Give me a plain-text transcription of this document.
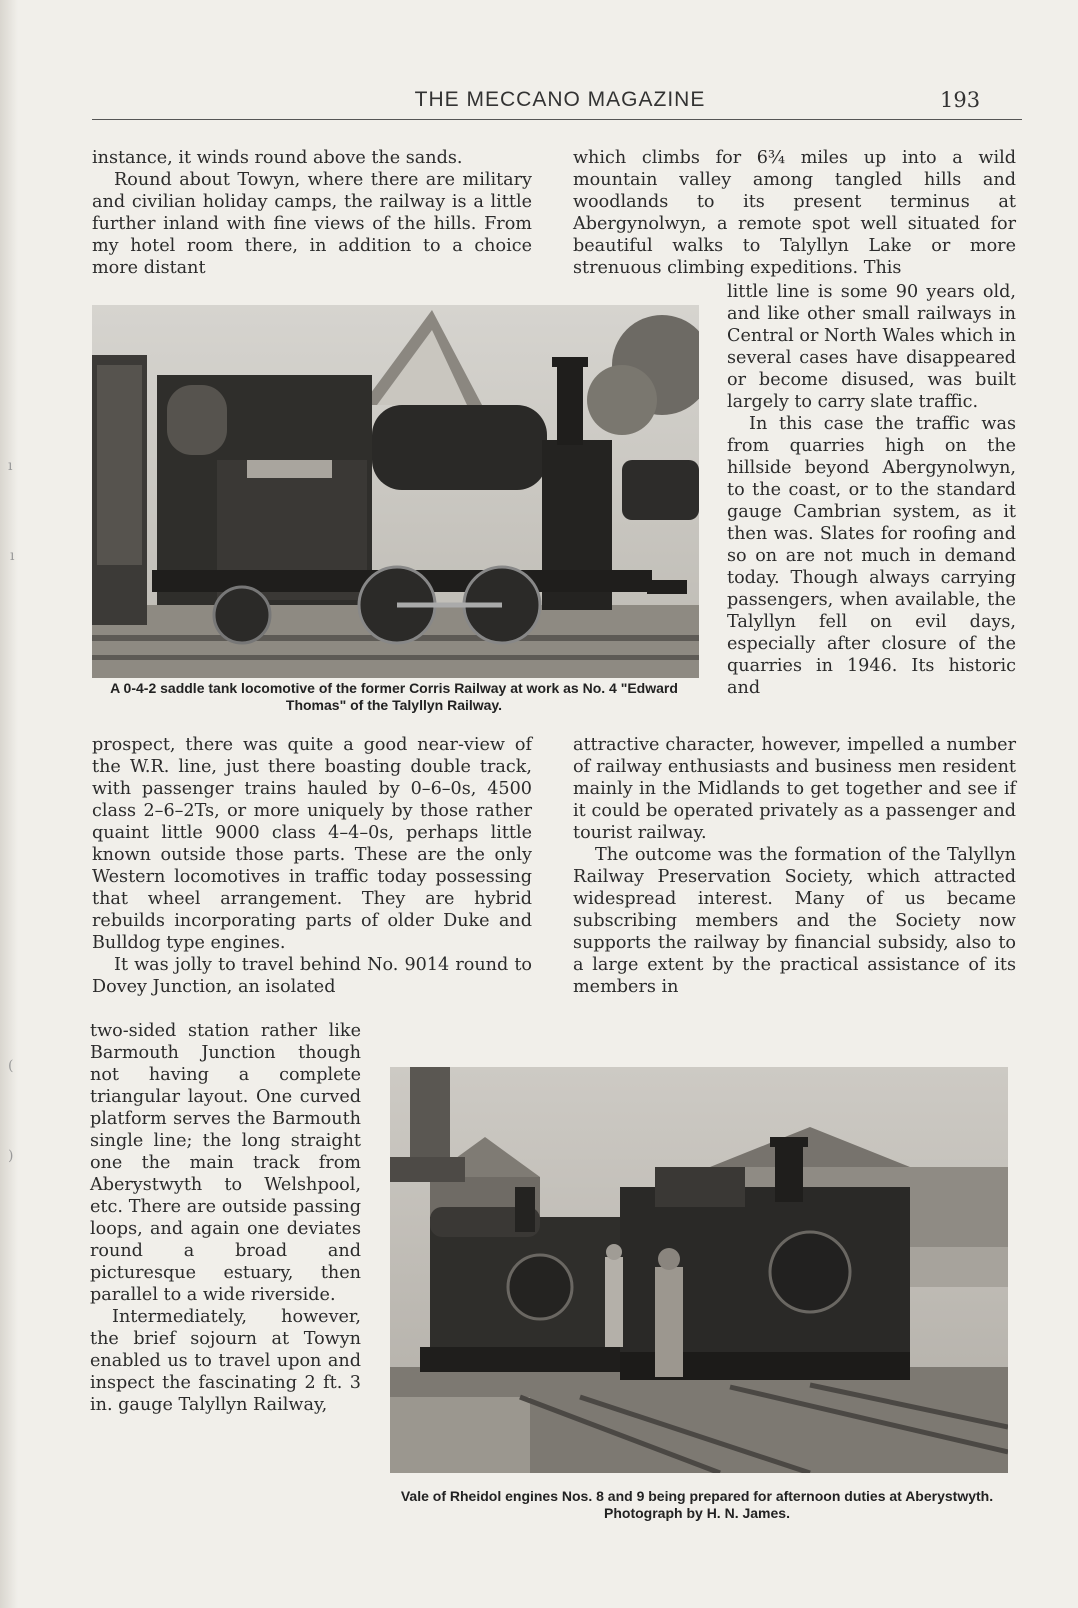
ı
ı
(
)
THE MECCANO MAGAZINE	193

instance, it winds round above the sands.

Round about Towyn, where there are military and civilian holiday camps, the railway is a little further inland with fine views of the hills. From my hotel room there, in addition to a choice more distant

which climbs for 6¾ miles up into a wild mountain valley among tangled hills and woodlands to its present terminus at Abergynolwyn, a remote spot well situated for beautiful walks to Talyllyn Lake or more strenuous climbing expeditions. This

little line is some 90 years old, and like other small railways in Central or North Wales which in several cases have disappeared or become disused, was built largely to carry slate traffic.

In this case the traffic was from quarries high on the hillside beyond Abergynolwyn, to the coast, or to the standard gauge Cambrian system, as it then was. Slates for roofing and so on are not much in demand today. Though always carrying passengers, when available, the Talyllyn fell on evil days, especially after closure of the quarries in 1946. Its historic and

A 0-4-2 saddle tank locomotive of the former Corris Railway at work as No. 4 "Edward Thomas" of the Talyllyn Railway.

prospect, there was quite a good near-view of the W.R. line, just there boasting double track, with passenger trains hauled by 0–6–0s, 4500 class 2–6–2Ts, or more uniquely by those rather quaint little 9000 class 4–4–0s, perhaps little known outside those parts. These are the only Western locomotives in traffic today possessing that wheel arrangement. They are hybrid rebuilds incorporating parts of older Duke and Bulldog type engines.

It was jolly to travel behind No. 9014 round to Dovey Junction, an isolated

attractive character, however, impelled a number of railway enthusiasts and business men resident mainly in the Midlands to get together and see if it could be operated privately as a passenger and tourist railway.

The outcome was the formation of the Talyllyn Railway Preservation Society, which attracted widespread interest. Many of us became subscribing members and the Society now supports the railway by financial subsidy, also to a large extent by the practical assistance of its members in

two-sided station rather like Barmouth Junction though not having a complete triangular layout. One curved platform serves the Barmouth single line; the long straight one the main track from Aberystwyth to Welshpool, etc. There are outside passing loops, and again one deviates round a broad and picturesque estuary, then parallel to a wide riverside.

Intermediately, however, the brief sojourn at Towyn enabled us to travel upon and inspect the fascinating 2 ft. 3 in. gauge Talyllyn Railway,

Vale of Rheidol engines Nos. 8 and 9 being prepared for afternoon duties at Aberystwyth. Photograph by H. N. James.
